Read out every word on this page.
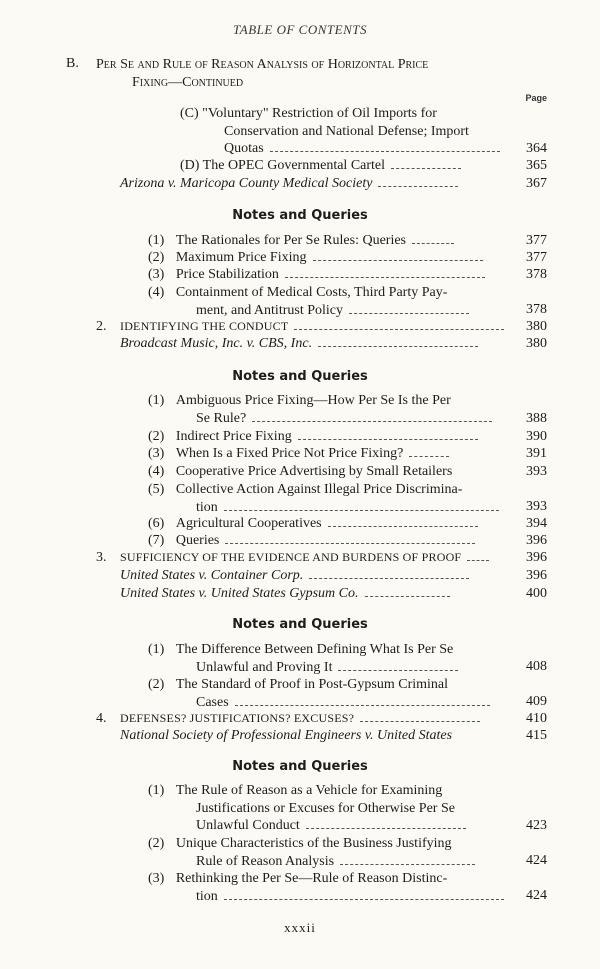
TABLE OF CONTENTS
B. Per Se and Rule of Reason Analysis of Horizontal Price
Fixing—Continued
Page
(C) "Voluntary" Restriction of Oil Imports for
Conservation and National Defense; Import
Quotas	364
(D) The OPEC Governmental Cartel	365
Arizona v. Maricopa County Medical Society	367
Notes and Queries
(1) The Rationales for Per Se Rules: Queries	377
(2) Maximum Price Fixing	377
(3) Price Stabilization	378
(4) Containment of Medical Costs, Third Party Pay-
ment, and Antitrust Policy	378
2. IDENTIFYING THE CONDUCT	380
Broadcast Music, Inc. v. CBS, Inc.	380
Notes and Queries
(1) Ambiguous Price Fixing—How Per Se Is the Per
Se Rule?	388
(2) Indirect Price Fixing	390
(3) When Is a Fixed Price Not Price Fixing?	391
(4) Cooperative Price Advertising by Small Retailers	393
(5) Collective Action Against Illegal Price Discrimina-
tion	393
(6) Agricultural Cooperatives	394
(7) Queries	396
3. SUFFICIENCY OF THE EVIDENCE AND BURDENS OF PROOF	396
United States v. Container Corp.	396
United States v. United States Gypsum Co.	400
Notes and Queries
(1) The Difference Between Defining What Is Per Se
Unlawful and Proving It	408
(2) The Standard of Proof in Post-Gypsum Criminal
Cases	409
4. DEFENSES? JUSTIFICATIONS? EXCUSES?	410
National Society of Professional Engineers v. United States	415
Notes and Queries
(1) The Rule of Reason as a Vehicle for Examining
Justifications or Excuses for Otherwise Per Se
Unlawful Conduct	423
(2) Unique Characteristics of the Business Justifying
Rule of Reason Analysis	424
(3) Rethinking the Per Se—Rule of Reason Distinc-
tion	424
xxxii
